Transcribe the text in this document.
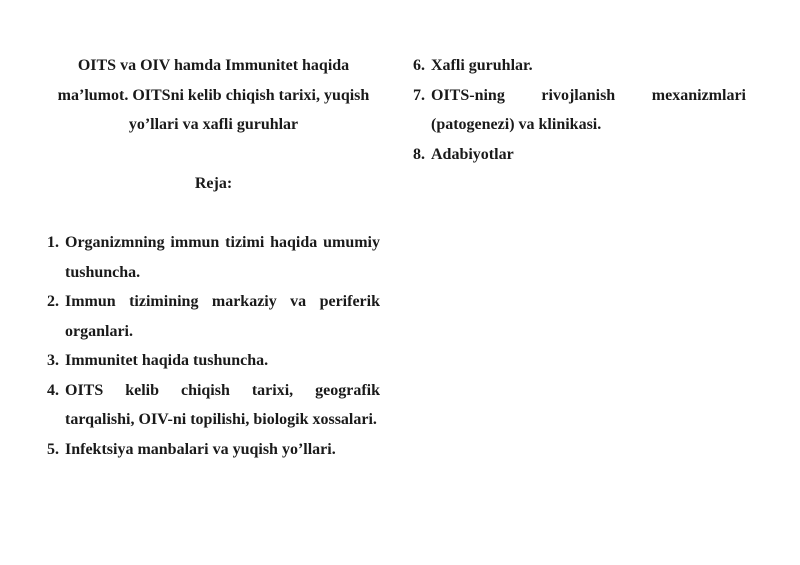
OITS va OIV hamda Immunitet haqida ma’lumot. OITSni kelib chiqish tarixi, yuqish yo’llari va xafli guruhlar

Reja:

1. Organizmning immun tizimi haqida umumiy tushuncha.
2. Immun tizimining markaziy va periferik organlari.
3. Immunitet haqida tushuncha.
4. OITS kelib chiqish tarixi, geografik tarqalishi, OIV-ni topilishi, biologik xossalari.
5. Infektsiya manbalari va yuqish yo’llari.
6. Xafli guruhlar.
7. OITS-ning rivojlanish mexanizmlari (patogenezi) va klinikasi.
8. Adabiyotlar
